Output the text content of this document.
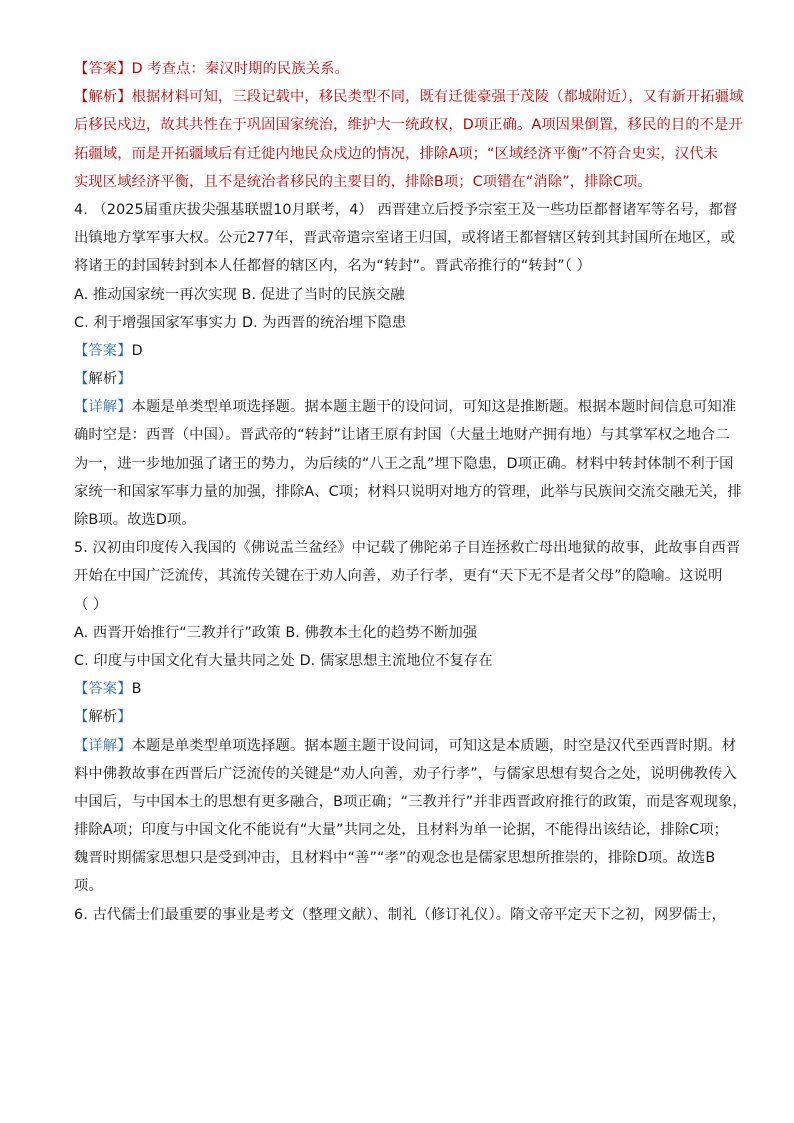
【答案】D 考查点：秦汉时期的民族关系。
【解析】根据材料可知，三段记载中，移民类型不同，既有迁徙豪强于茂陵（都城附近），又有新开拓疆域
后移民戍边，故其共性在于巩固国家统治，维护大一统政权，D项正确。A项因果倒置，移民的目的不是开
拓疆域，而是开拓疆域后有迁徙内地民众戍边的情况，排除A项；“区域经济平衡”不符合史实，汉代未
实现区域经济平衡，且不是统治者移民的主要目的，排除B项；C项错在“消除”，排除C项。
4. （2025届重庆拔尖强基联盟10月联考，4） 西晋建立后授予宗室王及一些功臣都督诸军等名号，都督
出镇地方掌军事大权。公元277年，晋武帝遣宗室诸王归国，或将诸王都督辖区转到其封国所在地区，或
将诸王的封国转封到本人任都督的辖区内，名为“转封”。晋武帝推行的“转封”（ ）
A. 推动国家统一再次实现 B. 促进了当时的民族交融
C. 利于增强国家军事实力 D. 为西晋的统治埋下隐患
【答案】D
【解析】
【详解】本题是单类型单项选择题。据本题主题干的设问词，可知这是推断题。根据本题时间信息可知准
确时空是：西晋（中国）。晋武帝的“转封”让诸王原有封国（大量土地财产拥有地）与其掌军权之地合二
为一，进一步地加强了诸王的势力，为后续的“八王之乱”埋下隐患，D项正确。材料中转封体制不利于国
家统一和国家军事力量的加强，排除A、C项；材料只说明对地方的管理，此举与民族间交流交融无关，排
除B项。故选D项。
5. 汉初由印度传入我国的《佛说盂兰盆经》中记载了佛陀弟子目连拯救亡母出地狱的故事，此故事自西晋
开始在中国广泛流传，其流传关键在于劝人向善，劝子行孝，更有“天下无不是者父母”的隐喻。这说明
（ ）
A. 西晋开始推行“三教并行”政策 B. 佛教本土化的趋势不断加强
C. 印度与中国文化有大量共同之处 D. 儒家思想主流地位不复存在
【答案】B
【解析】
【详解】本题是单类型单项选择题。据本题主题干设问词，可知这是本质题，时空是汉代至西晋时期。材
料中佛教故事在西晋后广泛流传的关键是“劝人向善，劝子行孝”，与儒家思想有契合之处，说明佛教传入
中国后，与中国本土的思想有更多融合，B项正确；“三教并行”并非西晋政府推行的政策，而是客观现象，
排除A项；印度与中国文化不能说有“大量”共同之处，且材料为单一论据，不能得出该结论，排除C项；
魏晋时期儒家思想只是受到冲击，且材料中“善”“孝”的观念也是儒家思想所推崇的，排除D项。故选B
项。
6. 古代儒士们最重要的事业是考文（整理文献）、制礼（修订礼仪）。隋文帝平定天下之初，网罗儒士，
